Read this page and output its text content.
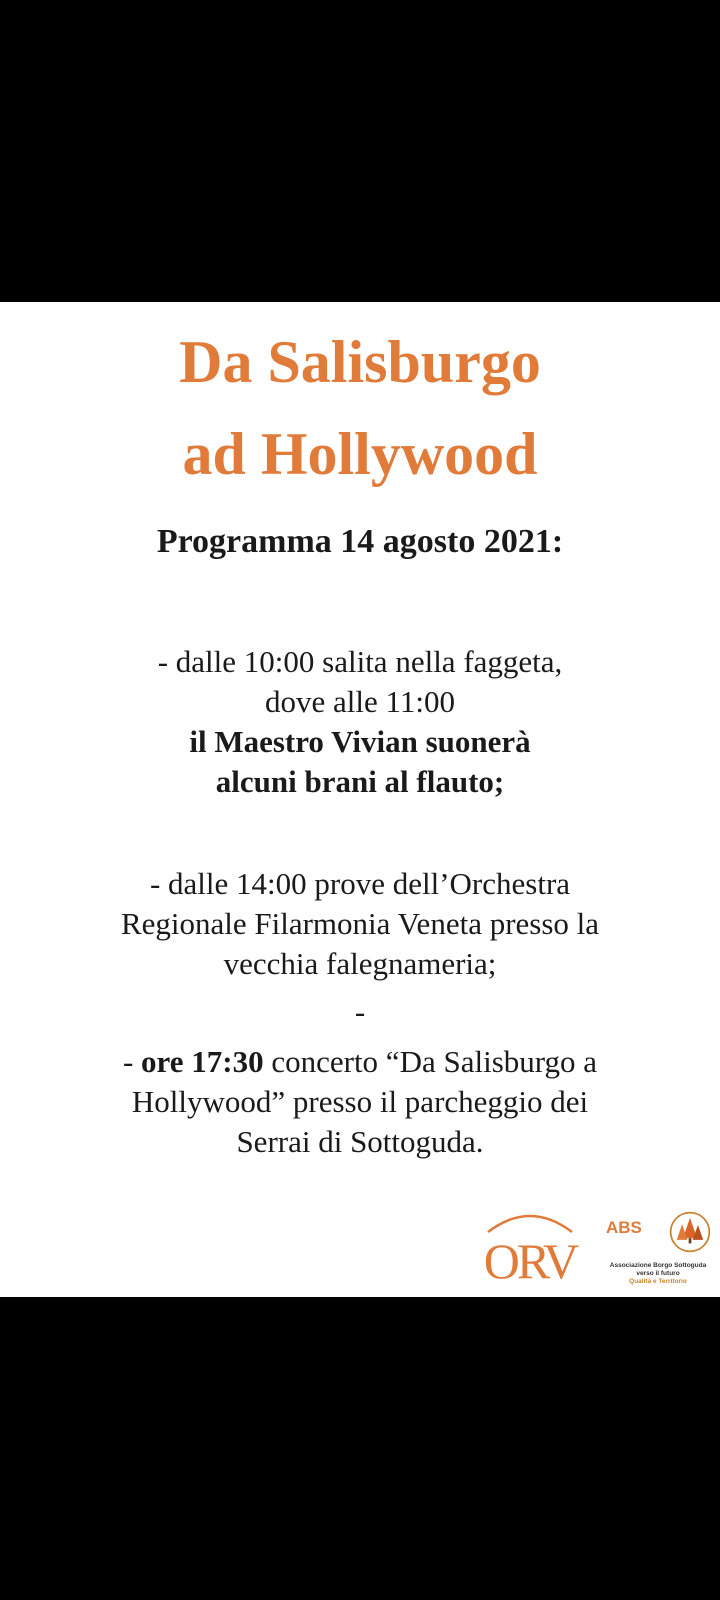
Da Salisburgo
ad Hollywood

Programma 14 agosto 2021:

- dalle 10:00 salita nella faggeta,
dove alle 11:00
il Maestro Vivian suonerà
alcuni brani al flauto;
- dalle 14:00 prove dell’Orchestra
Regionale Filarmonia Veneta presso la
vecchia falegnameria;
-
- ore 17:30 concerto “Da Salisburgo a
Hollywood” presso il parcheggio dei
Serrai di Sottoguda.
ORV
ABS
Associazione Borgo Sottoguda
verso il futuro
Qualità e Territorio
